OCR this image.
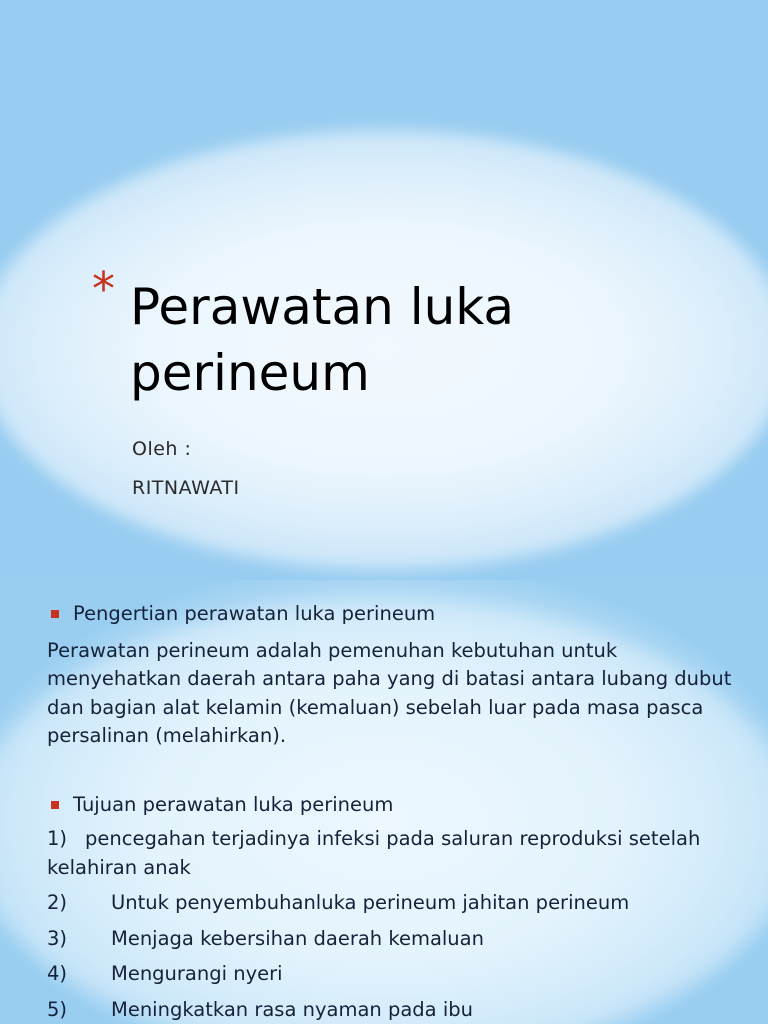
* Perawatan luka perineum
Oleh :
RITNAWATI

Pengertian perawatan luka perineum

Perawatan perineum adalah pemenuhan kebutuhan untuk menyehatkan daerah antara paha yang di batasi antara lubang dubut dan bagian alat kelamin (kemaluan) sebelah luar pada masa pasca persalinan (melahirkan).

Tujuan perawatan luka perineum

1) pencegahan terjadinya infeksi pada saluran reproduksi setelah kelahiran anak
2) Untuk penyembuhanluka perineum jahitan perineum
3) Menjaga kebersihan daerah kemaluan
4) Mengurangi nyeri
5) Meningkatkan rasa nyaman pada ibu
